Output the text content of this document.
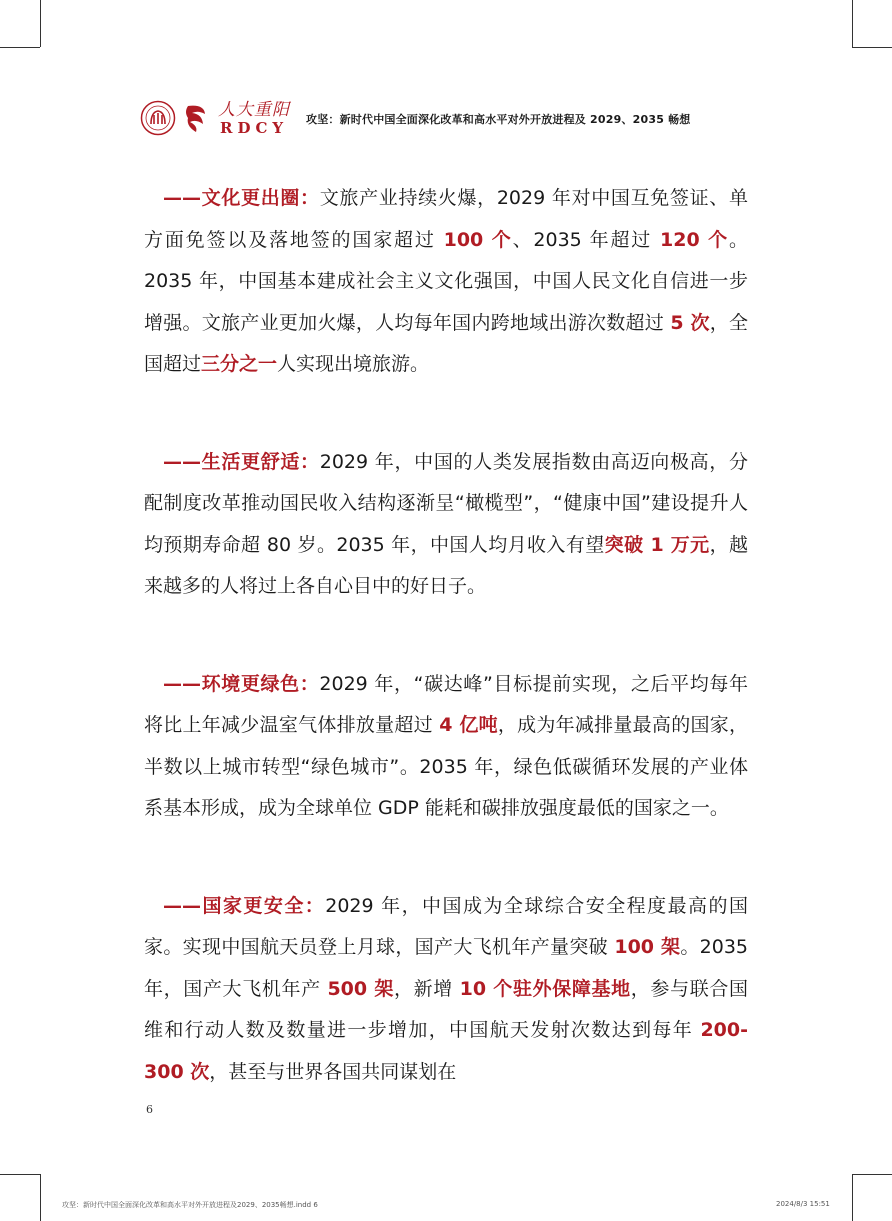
人大重阳
RDCY 攻坚：新时代中国全面深化改革和高水平对外开放进程及 2029、2035 畅想

 ——文化更出圈：文旅产业持续火爆，2029 年对中国互免签证、单方面免签以及落地签的国家超过 100 个、2035 年超过 120 个。2035 年，中国基本建成社会主义文化强国，中国人民文化自信进一步增强。文旅产业更加火爆，人均每年国内跨地域出游次数超过 5 次，全国超过三分之一人实现出境旅游。

 ——生活更舒适：2029 年，中国的人类发展指数由高迈向极高，分配制度改革推动国民收入结构逐渐呈“橄榄型”，“健康中国”建设提升人均预期寿命超 80 岁。2035 年，中国人均月收入有望突破 1 万元，越来越多的人将过上各自心目中的好日子。

 ——环境更绿色：2029 年，“碳达峰”目标提前实现，之后平均每年将比上年减少温室气体排放量超过 4 亿吨，成为年减排量最高的国家，半数以上城市转型“绿色城市”。2035 年，绿色低碳循环发展的产业体系基本形成，成为全球单位 GDP 能耗和碳排放强度最低的国家之一。

 ——国家更安全：2029 年，中国成为全球综合安全程度最高的国家。实现中国航天员登上月球，国产大飞机年产量突破 100 架。2035 年，国产大飞机年产 500 架，新增 10 个驻外保障基地，参与联合国维和行动人数及数量进一步增加，中国航天发射次数达到每年 200-300 次，甚至与世界各国共同谋划在

6
攻坚：新时代中国全面深化改革和高水平对外开放进程及2029、2035畅想.indd 6	2024/8/3 15:51
